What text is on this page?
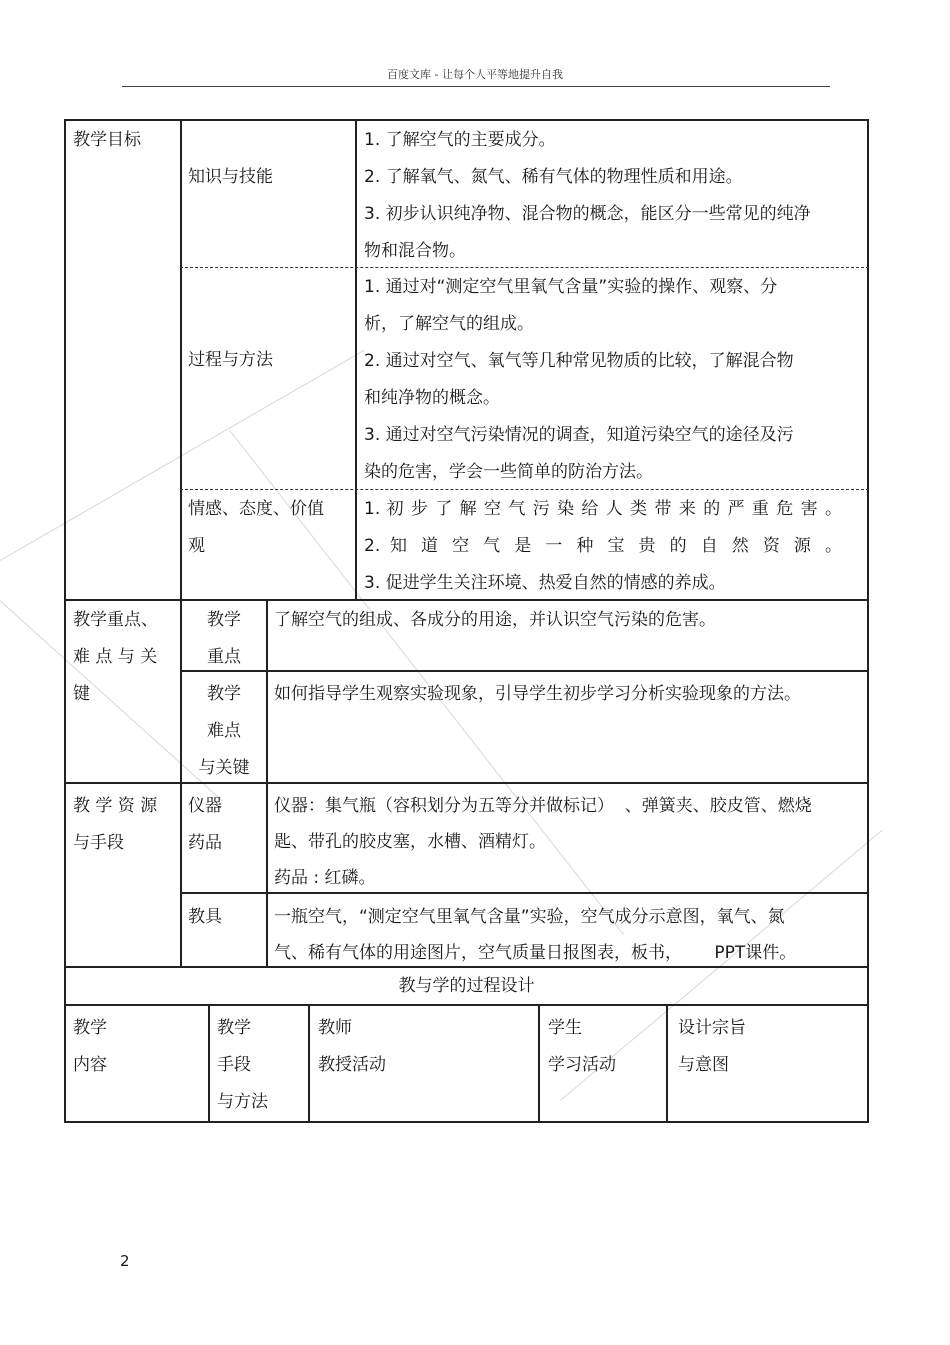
百度文库 - 让每个人平等地提升自我
教学目标
知识与技能
1. 了解空气的主要成分。
2. 了解氧气、氮气、稀有气体的物理性质和用途。
3. 初步认识纯净物、混合物的概念，能区分一些常见的纯净
物和混合物。
过程与方法
1. 通过对“测定空气里氧气含量”实验的操作、观察、分
析，了解空气的组成。
2. 通过对空气、氧气等几种常见物质的比较，了解混合物
和纯净物的概念。
3. 通过对空气污染情况的调查，知道污染空气的途径及污
染的危害，学会一些简单的防治方法。
情感、态度、价值
观
1. 初 步 了 解 空 气 污 染 给 人 类 带 来 的 严 重 危 害 。
2. 知 道 空 气 是 一 种 宝 贵 的 自 然 资 源 。
3. 促进学生关注环境、热爱自然的情感的养成。
教学重点、
难 点 与 关
键
教学
重点
了解空气的组成、各成分的用途，并认识空气污染的危害。
教学
难点
与关键
如何指导学生观察实验现象，引导学生初步学习分析实验现象的方法。
教 学 资 源
与手段
仪器
药品
仪器：集气瓶（容积划分为五等分并做标记）  、弹簧夹、胶皮管、燃烧
匙、带孔的胶皮塞，水槽、酒精灯。
药品 : 红磷。
教具	一瓶空气，“测定空气里氧气含量”实验，空气成分示意图，氧气、氮
气、稀有气体的用途图片，空气质量日报图表，板书，      PPT课件。
教与学的过程设计
教学
内容
教学
手段
与方法
教师
教授活动
学生
学习活动
设计宗旨
与意图
2
